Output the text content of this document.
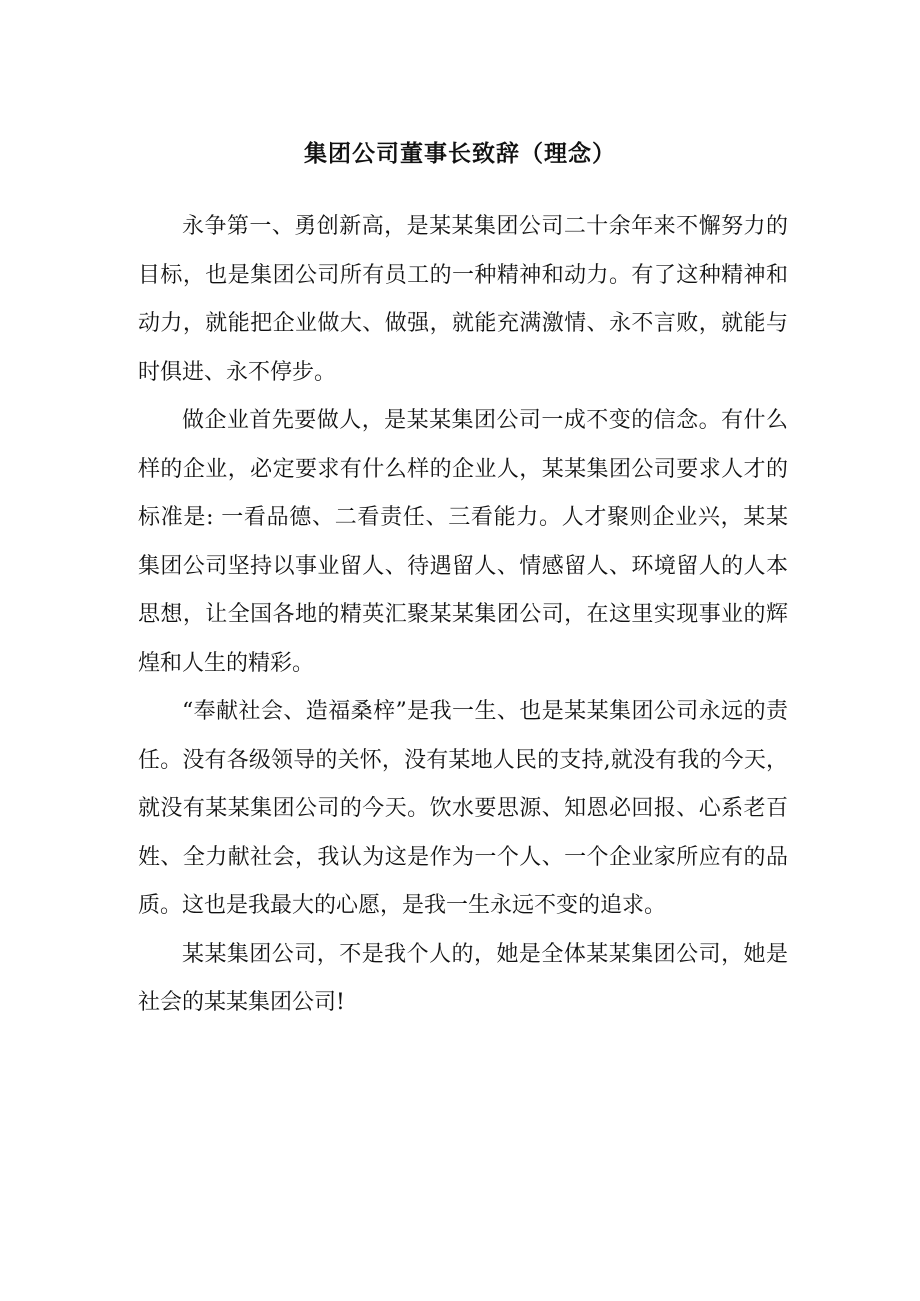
集团公司董事长致辞（理念）

永争第一、勇创新高，是某某集团公司二十余年来不懈努力的目标，也是集团公司所有员工的一种精神和动力。有了这种精神和动力，就能把企业做大、做强，就能充满激情、永不言败，就能与时俱进、永不停步。

做企业首先要做人，是某某集团公司一成不变的信念。有什么样的企业，必定要求有什么样的企业人，某某集团公司要求人才的标准是: 一看品德、二看责任、三看能力。人才聚则企业兴，某某集团公司坚持以事业留人、待遇留人、情感留人、环境留人的人本思想，让全国各地的精英汇聚某某集团公司，在这里实现事业的辉煌和人生的精彩。

“奉献社会、造福桑梓”是我一生、也是某某集团公司永远的责任。没有各级领导的关怀，没有某地人民的支持,就没有我的今天，就没有某某集团公司的今天。饮水要思源、知恩必回报、心系老百姓、全力献社会，我认为这是作为一个人、一个企业家所应有的品质。这也是我最大的心愿，是我一生永远不变的追求。

某某集团公司，不是我个人的，她是全体某某集团公司，她是社会的某某集团公司!
